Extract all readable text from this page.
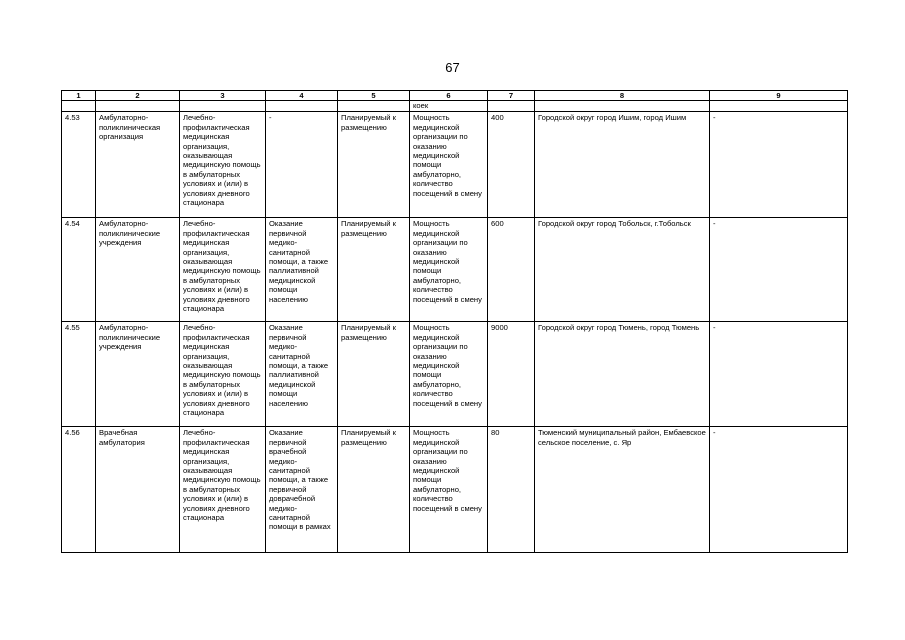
67
1	2	3	4	5	6	7	8	9
					коек			
4.53	Амбулаторно-поликлиническая организация	Лечебно-профилактическая медицинская организация, оказывающая медицинскую помощь в амбулаторных условиях и (или) в условиях дневного стационара	-	Планируемый к размещению	Мощность медицинской организации по оказанию медицинской помощи амбулаторно, количество посещений в смену	400	Городской округ город Ишим, город Ишим	-
4.54	Амбулаторно-поликлинические учреждения	Лечебно-профилактическая медицинская организация, оказывающая медицинскую помощь в амбулаторных условиях и (или) в условиях дневного стационара	Оказание первичной медико-санитарной помощи, а также паллиативной медицинской помощи населению	Планируемый к размещению	Мощность медицинской организации по оказанию медицинской помощи амбулаторно, количество посещений в смену	600	Городской округ город Тобольск, г.Тобольск	-
4.55	Амбулаторно-поликлинические учреждения	Лечебно-профилактическая медицинская организация, оказывающая медицинскую помощь в амбулаторных условиях и (или) в условиях дневного стационара	Оказание первичной медико-санитарной помощи, а также паллиативной медицинской помощи населению	Планируемый к размещению	Мощность медицинской организации по оказанию медицинской помощи амбулаторно, количество посещений в смену	9000	Городской округ город Тюмень, город Тюмень	-
4.56	Врачебная амбулатория	Лечебно-профилактическая медицинская организация, оказывающая медицинскую помощь в амбулаторных условиях и (или) в условиях дневного стационара	Оказание первичной врачебной медико-санитарной помощи, а также первичной доврачебной медико-санитарной помощи в рамках	Планируемый к размещению	Мощность медицинской организации по оказанию медицинской помощи амбулаторно, количество посещений в смену	80	Тюменский муниципальный район, Ембаевское сельское поселение, с. Яр	-
